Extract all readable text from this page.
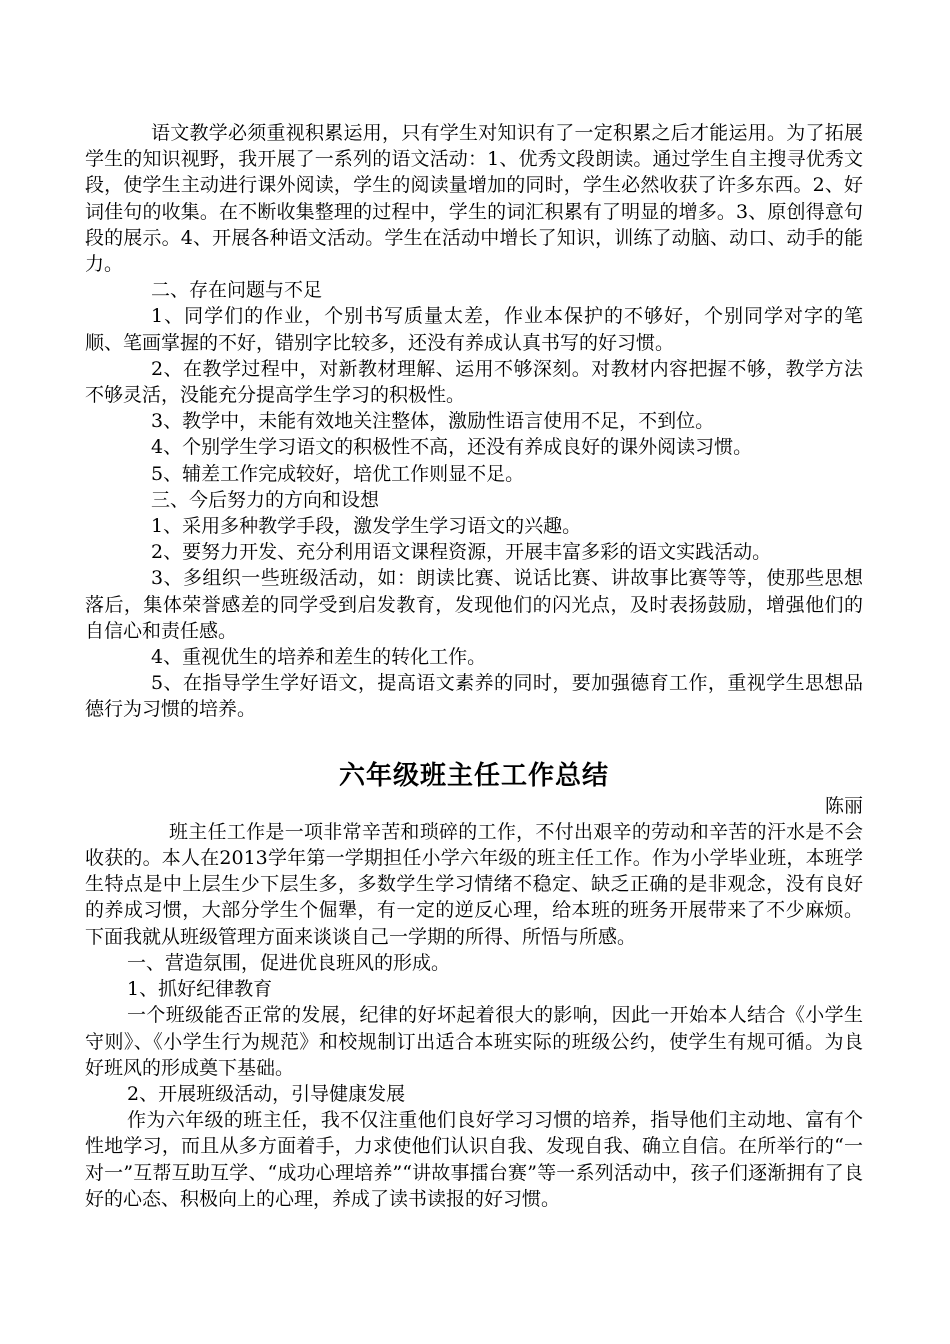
语文教学必须重视积累运用，只有学生对知识有了一定积累之后才能运用。为了拓展学生的知识视野，我开展了一系列的语文活动：1、优秀文段朗读。通过学生自主搜寻优秀文段，使学生主动进行课外阅读，学生的阅读量增加的同时，学生必然收获了许多东西。2、好词佳句的收集。在不断收集整理的过程中，学生的词汇积累有了明显的增多。3、原创得意句段的展示。4、开展各种语文活动。学生在活动中增长了知识，训练了动脑、动口、动手的能力。

二、存在问题与不足

1、同学们的作业，个别书写质量太差，作业本保护的不够好，个别同学对字的笔顺、笔画掌握的不好，错别字比较多，还没有养成认真书写的好习惯。

2、在教学过程中，对新教材理解、运用不够深刻。对教材内容把握不够，教学方法不够灵活，没能充分提高学生学习的积极性。

3、教学中，未能有效地关注整体，激励性语言使用不足，不到位。

4、个别学生学习语文的积极性不高，还没有养成良好的课外阅读习惯。

5、辅差工作完成较好，培优工作则显不足。

三、今后努力的方向和设想

1、采用多种教学手段，激发学生学习语文的兴趣。

2、要努力开发、充分利用语文课程资源，开展丰富多彩的语文实践活动。

3、多组织一些班级活动，如：朗读比赛、说话比赛、讲故事比赛等等，使那些思想落后，集体荣誉感差的同学受到启发教育，发现他们的闪光点，及时表扬鼓励，增强他们的自信心和责任感。

4、重视优生的培养和差生的转化工作。

5、在指导学生学好语文，提高语文素养的同时，要加强德育工作，重视学生思想品德行为习惯的培养。

六年级班主任工作总结

陈丽

班主任工作是一项非常辛苦和琐碎的工作，不付出艰辛的劳动和辛苦的汗水是不会收获的。本人在2013学年第一学期担任小学六年级的班主任工作。作为小学毕业班，本班学生特点是中上层生少下层生多，多数学生学习情绪不稳定、缺乏正确的是非观念，没有良好的养成习惯，大部分学生个倔犟，有一定的逆反心理，给本班的班务开展带来了不少麻烦。下面我就从班级管理方面来谈谈自己一学期的所得、所悟与所感。

一、营造氛围，促进优良班风的形成。

1、抓好纪律教育

一个班级能否正常的发展，纪律的好坏起着很大的影响，因此一开始本人结合《小学生守则》、《小学生行为规范》和校规制订出适合本班实际的班级公约，使学生有规可循。为良好班风的形成奠下基础。

2、开展班级活动，引导健康发展

作为六年级的班主任，我不仅注重他们良好学习习惯的培养，指导他们主动地、富有个性地学习，而且从多方面着手，力求使他们认识自我、发现自我、确立自信。在所举行的“一对一”互帮互助互学、“成功心理培养”“讲故事擂台赛”等一系列活动中，孩子们逐渐拥有了良好的心态、积极向上的心理，养成了读书读报的好习惯。
